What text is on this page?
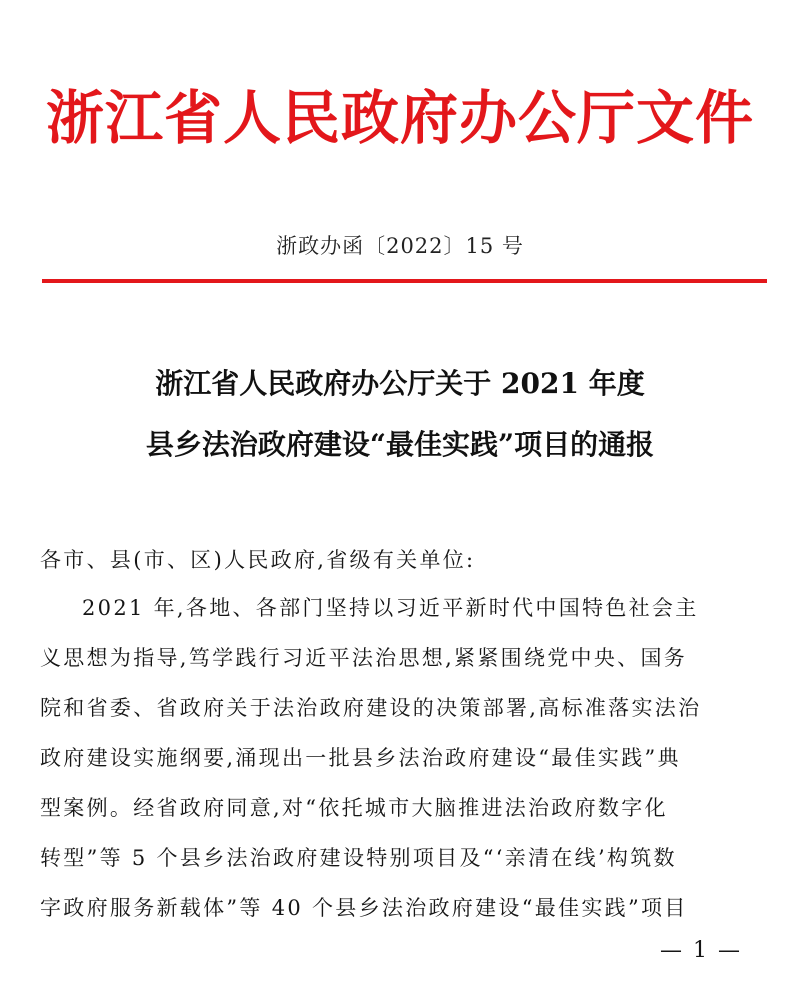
浙江省人民政府办公厅文件
浙政办函〔2022〕15 号
浙江省人民政府办公厅关于 2021 年度
县乡法治政府建设“最佳实践”项目的通报
各市、县(市、区)人民政府,省级有关单位:
2021 年,各地、各部门坚持以习近平新时代中国特色社会主
义思想为指导,笃学践行习近平法治思想,紧紧围绕党中央、国务
院和省委、省政府关于法治政府建设的决策部署,高标准落实法治
政府建设实施纲要,涌现出一批县乡法治政府建设“最佳实践”典
型案例。经省政府同意,对“依托城市大脑推进法治政府数字化
转型”等 5 个县乡法治政府建设特别项目及“‘亲清在线’构筑数
字政府服务新载体”等 40 个县乡法治政府建设“最佳实践”项目
— 1 —
